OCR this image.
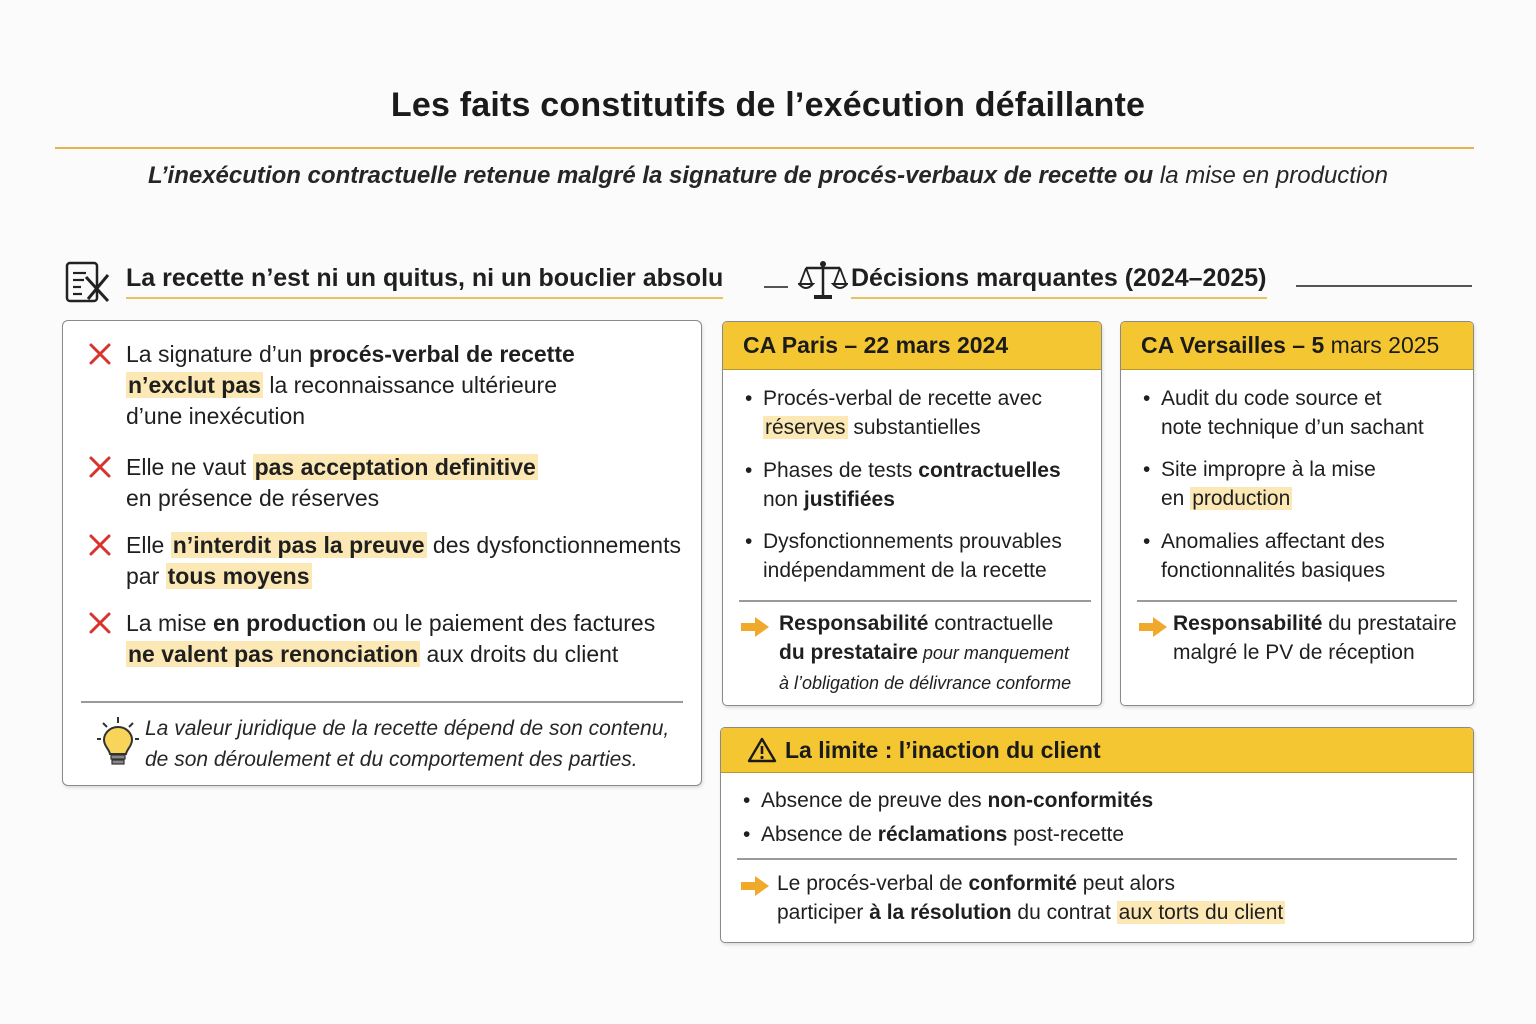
Les faits constitutifs de l’exécution défaillante
L’inexécution contractuelle retenue malgré la signature de procés-verbaux de recette ou la mise en production
La recette n’est ni un quitus, ni un bouclier absolu	Décisions marquantes (2024–2025)
La signature d’un procés-verbal de recette
n’exclut pas la reconnaissance ultérieure
d’une inexécution
Elle ne vaut pas acceptation definitive
en présence de réserves
Elle n’interdit pas la preuve des dysfonctionnements
par tous moyens
La mise en production ou le paiement des factures
ne valent pas renonciation aux droits du client
La valeur juridique de la recette dépend de son contenu,
de son déroulement et du comportement des parties.
CA Paris – 22 mars 2024
• Procés-verbal de recette avec
réserves substantielles
• Phases de tests contractuelles
non justifiées
• Dysfonctionnements prouvables
indépendamment de la recette
Responsabilité contractuelle
du prestataire pour manquement
à l’obligation de délivrance conforme
CA Versailles – 5 mars 2025
• Audit du code source et
note technique d’un sachant
• Site impropre à la mise
en production
• Anomalies affectant des
fonctionnalités basiques
Responsabilité du prestataire
malgré le PV de réception
La limite : l’inaction du client
• Absence de preuve des non-conformités
• Absence de réclamations post-recette
Le procés-verbal de conformité peut alors
participer à la résolution du contrat aux torts du client
